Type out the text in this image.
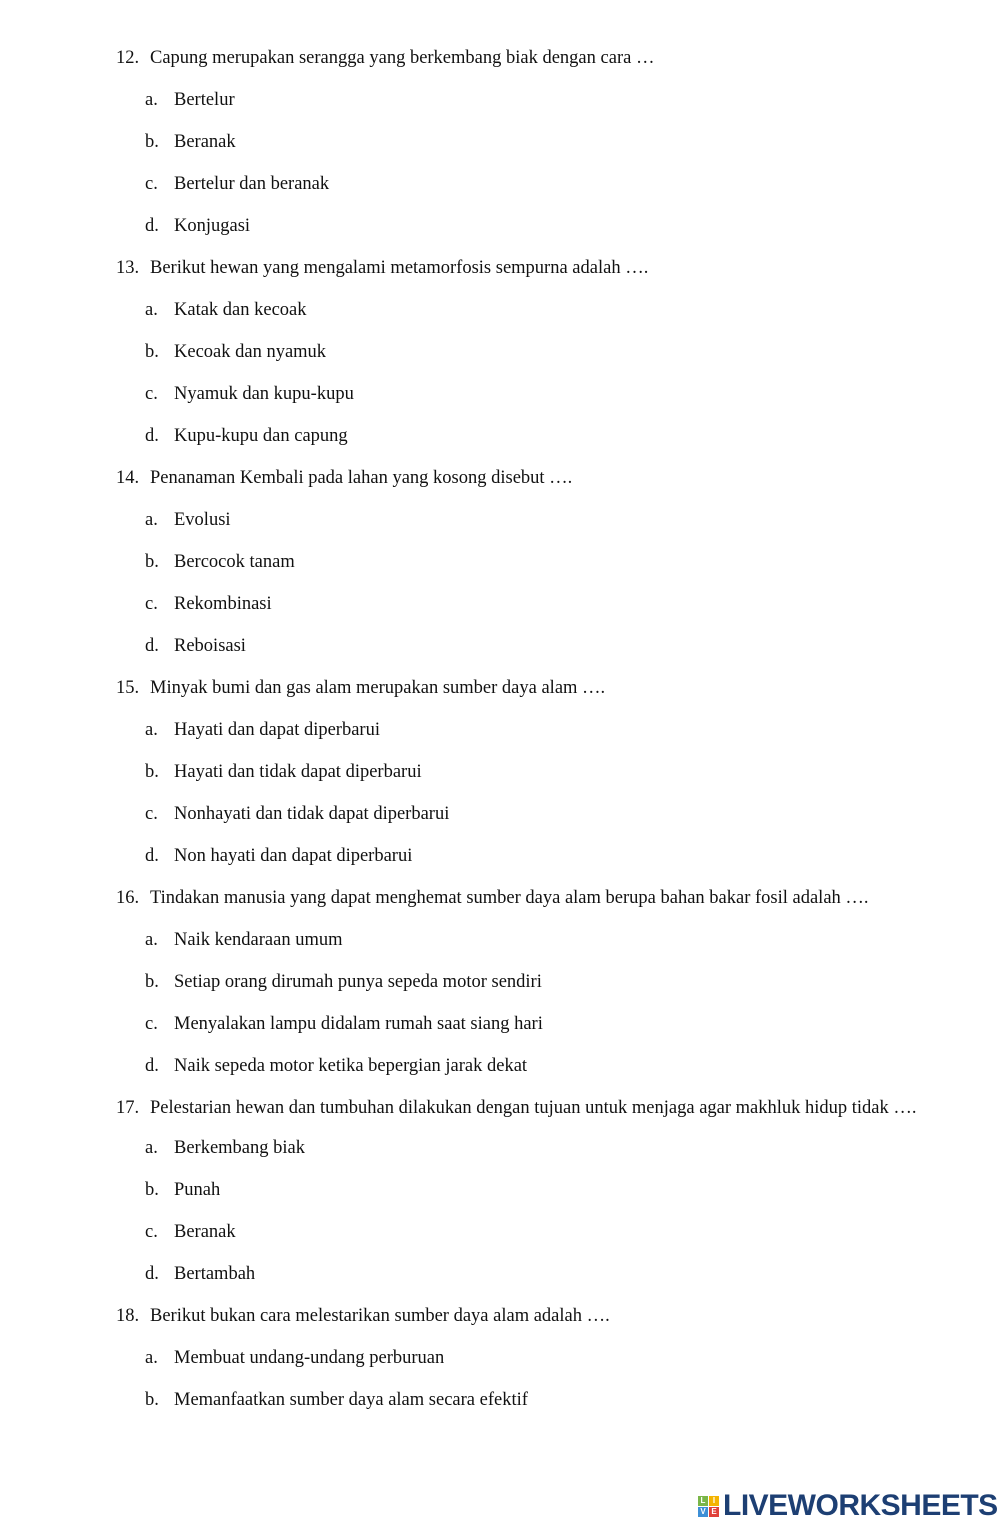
12. Capung merupakan serangga yang berkembang biak dengan cara …
a. Bertelur
b. Beranak
c. Bertelur dan beranak
d. Konjugasi
13. Berikut hewan yang mengalami metamorfosis sempurna adalah ….
a. Katak dan kecoak
b. Kecoak dan nyamuk
c. Nyamuk dan kupu-kupu
d. Kupu-kupu dan capung
14. Penanaman Kembali pada lahan yang kosong disebut ….
a. Evolusi
b. Bercocok tanam
c. Rekombinasi
d. Reboisasi
15. Minyak bumi dan gas alam merupakan sumber daya alam ….
a. Hayati dan dapat diperbarui
b. Hayati dan tidak dapat diperbarui
c. Nonhayati dan tidak dapat diperbarui
d. Non hayati dan dapat diperbarui
16. Tindakan manusia yang dapat menghemat sumber daya alam berupa bahan bakar fosil adalah ….
a. Naik kendaraan umum
b. Setiap orang dirumah punya sepeda motor sendiri
c. Menyalakan lampu didalam rumah saat siang hari
d. Naik sepeda motor ketika bepergian jarak dekat
17. Pelestarian hewan dan tumbuhan dilakukan dengan tujuan untuk menjaga agar makhluk hidup tidak ….
a. Berkembang biak
b. Punah
c. Beranak
d. Bertambah
18. Berikut bukan cara melestarikan sumber daya alam adalah ….
a. Membuat undang-undang perburuan
b. Memanfaatkan sumber daya alam secara efektif
L I
V E LIVEWORKSHEETS
